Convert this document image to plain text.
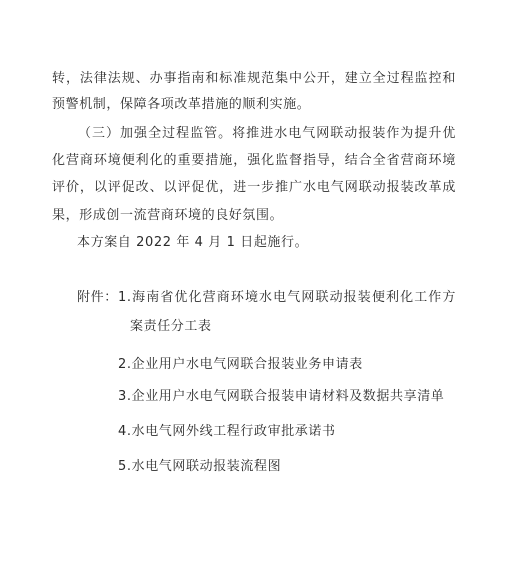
转，法律法规、办事指南和标准规范集中公开，建立全过程监控和
预警机制，保障各项改革措施的顺利实施。
（三）加强全过程监管。将推进水电气网联动报装作为提升优
化营商环境便利化的重要措施，强化监督指导，结合全省营商环境
评价，以评促改、以评促优，进一步推广水电气网联动报装改革成
果，形成创一流营商环境的良好氛围。
本方案自 2022 年 4 月 1 日起施行。
附件： 1.海南省优化营商环境水电气网联动报装便利化工作方
案责任分工表
2.企业用户水电气网联合报装业务申请表
3.企业用户水电气网联合报装申请材料及数据共享清单
4.水电气网外线工程行政审批承诺书
5.水电气网联动报装流程图
